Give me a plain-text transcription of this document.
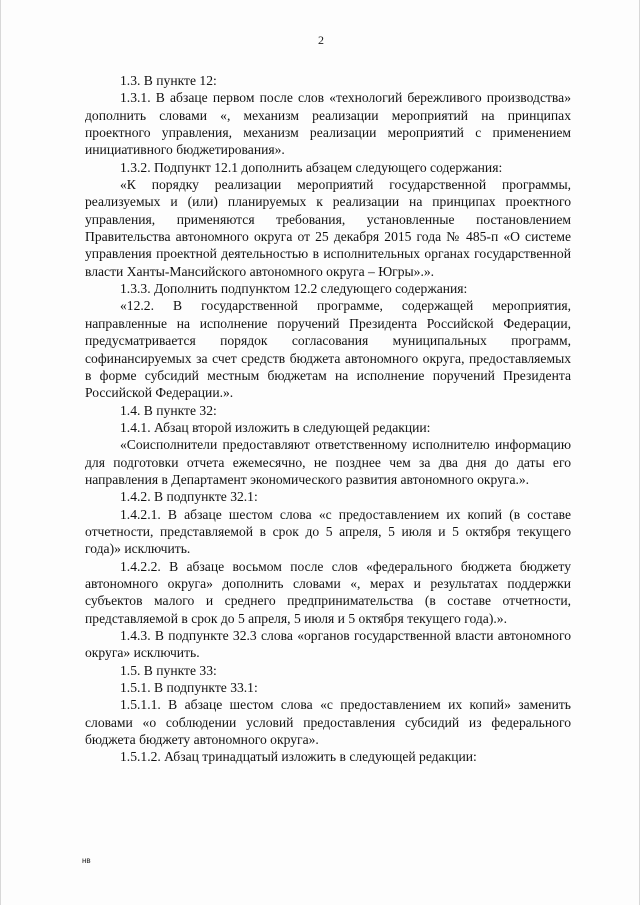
2

1.3. В пункте 12:

1.3.1. В абзаце первом после слов «технологий бережливого производства» дополнить словами «, механизм реализации мероприятий на принципах проектного управления, механизм реализации мероприятий с применением инициативного бюджетирования».

1.3.2. Подпункт 12.1 дополнить абзацем следующего содержания:

«К порядку реализации мероприятий государственной программы, реализуемых и (или) планируемых к реализации на принципах проектного управления, применяются требования, установленные постановлением Правительства автономного округа от 25 декабря 2015 года № 485-п «О системе управления проектной деятельностью в исполнительных органах государственной власти Ханты-Мансийского автономного округа – Югры».».

1.3.3. Дополнить подпунктом 12.2 следующего содержания:

«12.2. В государственной программе, содержащей мероприятия, направленные на исполнение поручений Президента Российской Федерации, предусматривается порядок согласования муниципальных программ, софинансируемых за счет средств бюджета автономного округа, предоставляемых в форме субсидий местным бюджетам на исполнение поручений Президента Российской Федерации.».

1.4. В пункте 32:

1.4.1. Абзац второй изложить в следующей редакции:

«Соисполнители предоставляют ответственному исполнителю информацию для подготовки отчета ежемесячно, не позднее чем за два дня до даты его направления в Департамент экономического развития автономного округа.».

1.4.2. В подпункте 32.1:

1.4.2.1. В абзаце шестом слова «с предоставлением их копий (в составе отчетности, представляемой в срок до 5 апреля, 5 июля и 5 октября текущего года)» исключить.

1.4.2.2. В абзаце восьмом после слов «федерального бюджета бюджету автономного округа» дополнить словами «, мерах и результатах поддержки субъектов малого и среднего предпринимательства (в составе отчетности, представляемой в срок до 5 апреля, 5 июля и 5 октября текущего года).».

1.4.3. В подпункте 32.3 слова «органов государственной власти автономного округа» исключить.

1.5. В пункте 33:

1.5.1. В подпункте 33.1:

1.5.1.1. В абзаце шестом слова «с предоставлением их копий» заменить словами «о соблюдении условий предоставления субсидий из федерального бюджета бюджету автономного округа».

1.5.1.2. Абзац тринадцатый изложить в следующей редакции:

нв
